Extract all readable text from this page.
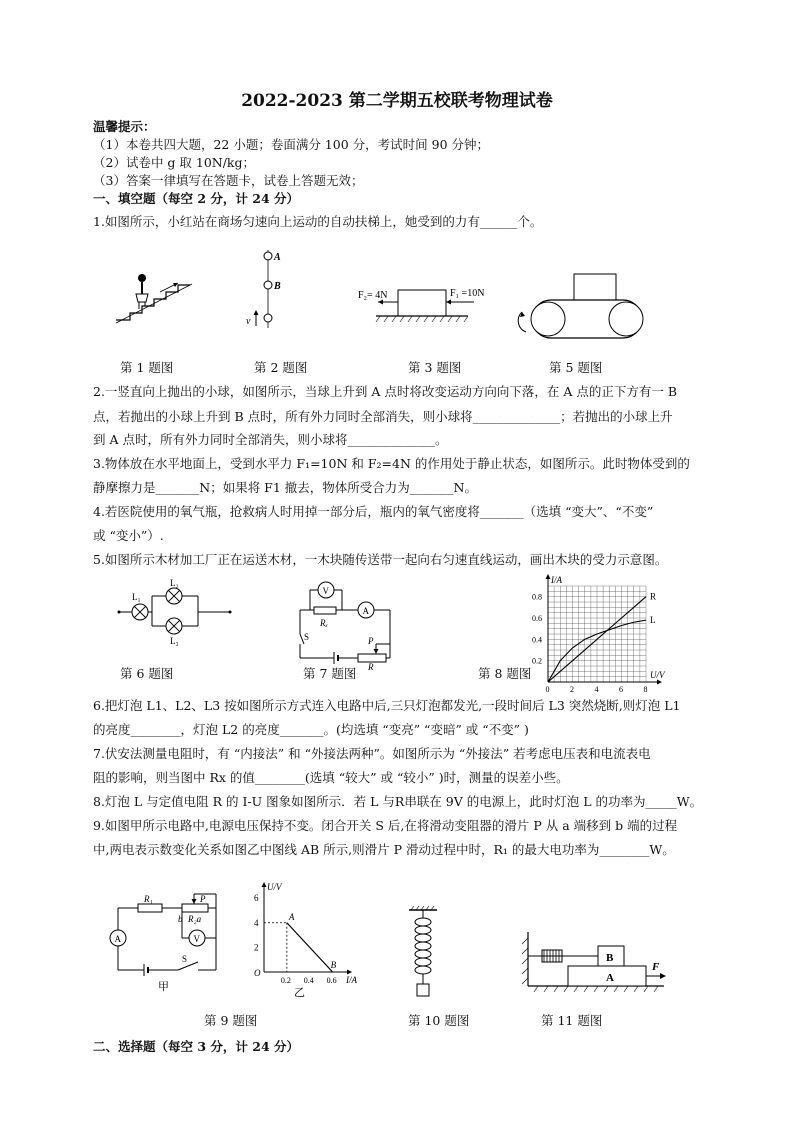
2022-2023 第二学期五校联考物理试卷
温馨提示：
（1）本卷共四大题，22 小题；卷面满分 100 分，考试时间 90 分钟；
（2）试卷中 g 取 10N/kg；
（3）答案一律填写在答题卡，试卷上答题无效；
一、填空题（每空 2 分，计 24 分）
1.如图所示，小红站在商场匀速向上运动的自动扶梯上，她受到的力有______个。
A
B
v
F₂= 4N	F₁ =10N
第 1 题图	第 2 题图	第 3 题图	第 5 题图
2.一竖直向上抛出的小球，如图所示，当球上升到 A 点时将改变运动方向向下落，在 A 点的正下方有一 B
点，若抛出的小球上升到 B 点时，所有外力同时全部消失，则小球将______________；若抛出的小球上升
到 A 点时，所有外力同时全部消失，则小球将______________。
3.物体放在水平地面上，受到水平力 F₁=10N 和 F₂=4N 的作用处于静止状态，如图所示。此时物体受到的
静摩擦力是_______N；如果将 F1 撤去，物体所受合力为_______N。
4.若医院使用的氧气瓶，抢救病人时用掉一部分后，瓶内的氧气密度将_______（选填 “变大”、“不变”
或 “变小”）.
5.如图所示木材加工厂正在运送木材，一木块随传送带一起向右匀速直线运动，画出木块的受力示意图。
L₁
L₂
L₃
V
Rₓ
A
S	P
R
I/A
U/V
0	2	4	6	8
0.2
0.4
0.6
0.8	R
L
第 6 题图	第 7 题图	第 8 题图
6.把灯泡 L1、L2、L3 按如图所示方式连入电路中后,三只灯泡都发光,一段时间后 L3 突然烧断,则灯泡 L1
的亮度________，灯泡 L2 的亮度_______。(均选填 “变亮” “变暗” 或 “不变” )
7.伏安法测量电阻时，有 “内接法” 和 “外接法两种”。如图所示为 “外接法” 若考虑电压表和电流表电
阻的影响，则当图中 Rx 的值________(选填 “较大” 或 “较小” )时，测量的误差小些。
8.灯泡 L 与定值电阻 R 的 I-U 图象如图所示．若 L 与R串联在 9V 的电源上，此时灯泡 L 的功率为_____W。
9.如图甲所示电路中,电源电压保持不变。闭合开关 S 后,在将滑动变阻器的滑片 P 从 a 端移到 b 端的过程
中,两电表示数变化关系如图乙中图线 AB 所示,则滑片 P 滑动过程中时，R₁ 的最大电功率为________W。
R₁	P
b R₂a
V
A
S
甲
U/V
I/A
O
0.2 0.4 0.6
2
4
6
A
B
乙
A
B
F
第 9 题图	第 10 题图	第 11 题图
二、选择题（每空 3 分，计 24 分）
